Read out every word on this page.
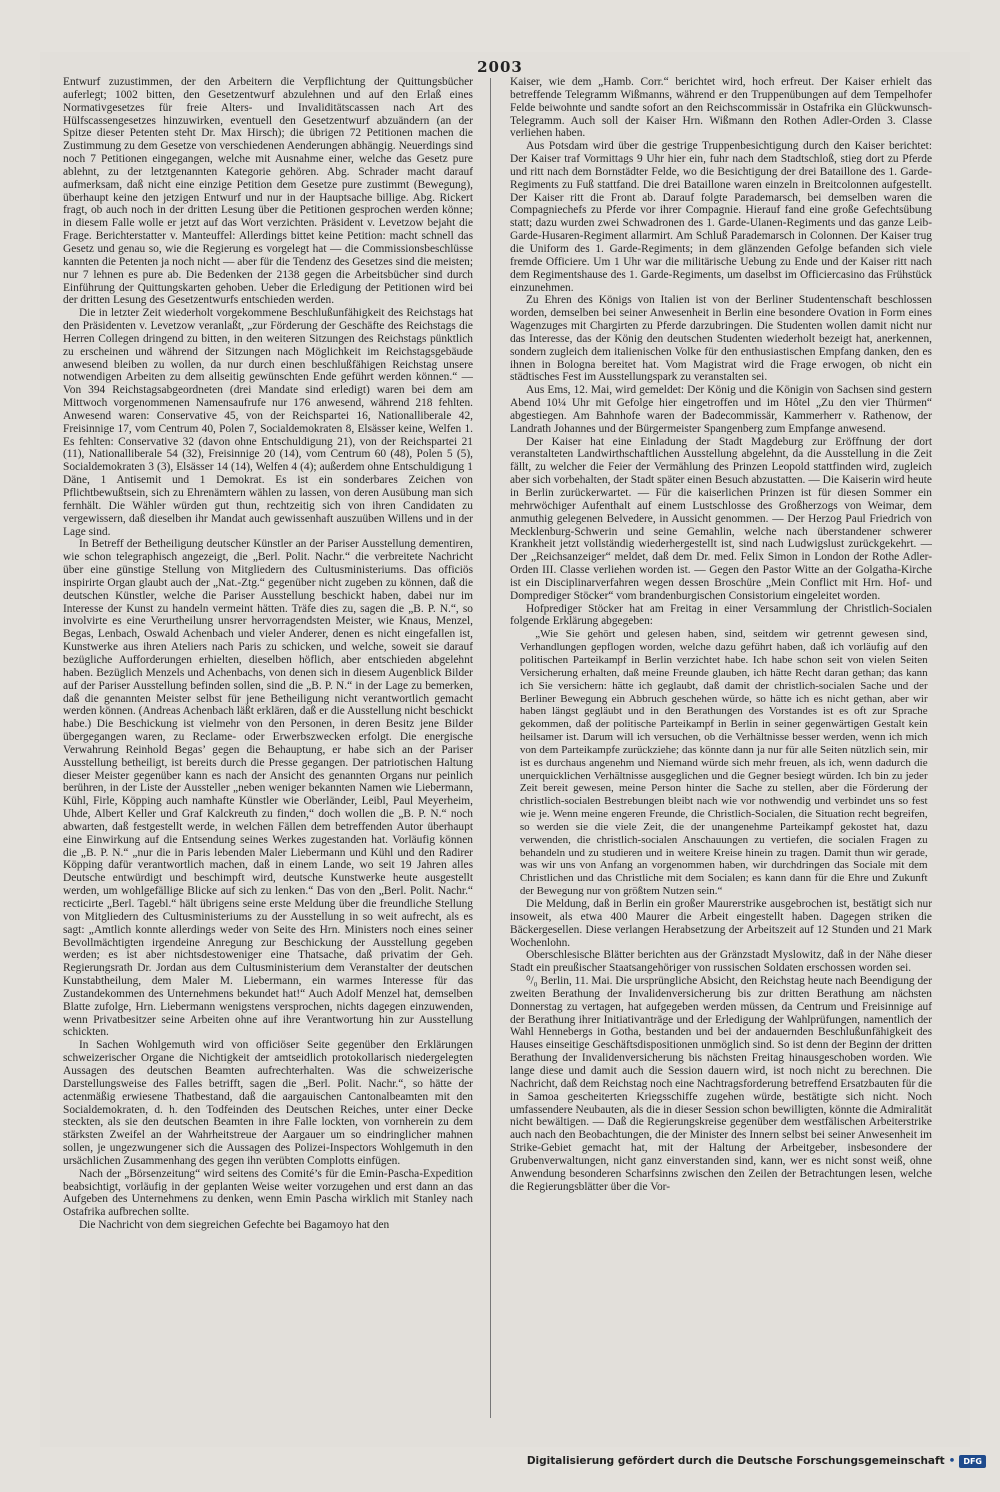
2003

Entwurf zuzustimmen, der den Arbeitern die Verpflichtung der Quittungsbücher auferlegt; 1002 bitten, den Gesetzentwurf abzulehnen und auf den Erlaß eines Normativgesetzes für freie Alters- und Invaliditätscassen nach Art des Hülfscassengesetzes hinzuwirken, eventuell den Gesetzentwurf abzuändern (an der Spitze dieser Petenten steht Dr. Max Hirsch); die übrigen 72 Petitionen machen die Zustimmung zu dem Gesetze von verschiedenen Aenderungen abhängig. Neuerdings sind noch 7 Petitionen eingegangen, welche mit Ausnahme einer, welche das Gesetz pure ablehnt, zu der letztgenannten Kategorie gehören. Abg. Schrader macht darauf aufmerksam, daß nicht eine einzige Petition dem Gesetze pure zustimmt (Bewegung), überhaupt keine den jetzigen Entwurf und nur in der Hauptsache billige. Abg. Rickert fragt, ob auch noch in der dritten Lesung über die Petitionen gesprochen werden könne; in diesem Falle wolle er jetzt auf das Wort verzichten. Präsident v. Levetzow bejaht die Frage. Berichterstatter v. Manteuffel: Allerdings bittet keine Petition: macht schnell das Gesetz und genau so, wie die Regierung es vorgelegt hat — die Commissionsbeschlüsse kannten die Petenten ja noch nicht — aber für die Tendenz des Gesetzes sind die meisten; nur 7 lehnen es pure ab. Die Bedenken der 2138 gegen die Arbeitsbücher sind durch Einführung der Quittungskarten gehoben. Ueber die Erledigung der Petitionen wird bei der dritten Lesung des Gesetzentwurfs entschieden werden.

Die in letzter Zeit wiederholt vorgekommene Beschlußunfähigkeit des Reichstags hat den Präsidenten v. Levetzow veranlaßt, „zur Förderung der Geschäfte des Reichstags die Herren Collegen dringend zu bitten, in den weiteren Sitzungen des Reichstags pünktlich zu erscheinen und während der Sitzungen nach Möglichkeit im Reichstagsgebäude anwesend bleiben zu wollen, da nur durch einen beschlußfähigen Reichstag unsere notwendigen Arbeiten zu dem allseitig gewünschten Ende geführt werden können.“ — Von 394 Reichstagsabgeordneten (drei Mandate sind erledigt) waren bei dem am Mittwoch vorgenommenen Namensaufrufe nur 176 anwesend, während 218 fehlten. Anwesend waren: Conservative 45, von der Reichspartei 16, Nationalliberale 42, Freisinnige 17, vom Centrum 40, Polen 7, Socialdemokraten 8, Elsässer keine, Welfen 1. Es fehlten: Conservative 32 (davon ohne Entschuldigung 21), von der Reichspartei 21 (11), Nationalliberale 54 (32), Freisinnige 20 (14), vom Centrum 60 (48), Polen 5 (5), Socialdemokraten 3 (3), Elsässer 14 (14), Welfen 4 (4); außerdem ohne Entschuldigung 1 Däne, 1 Antisemit und 1 Demokrat. Es ist ein sonderbares Zeichen von Pflichtbewußtsein, sich zu Ehrenämtern wählen zu lassen, von deren Ausübung man sich fernhält. Die Wähler würden gut thun, rechtzeitig sich von ihren Candidaten zu vergewissern, daß dieselben ihr Mandat auch gewissenhaft auszuüben Willens und in der Lage sind.

In Betreff der Betheiligung deutscher Künstler an der Pariser Ausstellung dementiren, wie schon telegraphisch angezeigt, die „Berl. Polit. Nachr.“ die verbreitete Nachricht über eine günstige Stellung von Mitgliedern des Cultusministeriums. Das officiös inspirirte Organ glaubt auch der „Nat.-Ztg.“ gegenüber nicht zugeben zu können, daß die deutschen Künstler, welche die Pariser Ausstellung beschickt haben, dabei nur im Interesse der Kunst zu handeln vermeint hätten. Träfe dies zu, sagen die „B. P. N.“, so involvirte es eine Verurtheilung unsrer hervorragendsten Meister, wie Knaus, Menzel, Begas, Lenbach, Oswald Achenbach und vieler Anderer, denen es nicht eingefallen ist, Kunstwerke aus ihren Ateliers nach Paris zu schicken, und welche, soweit sie darauf bezügliche Aufforderungen erhielten, dieselben höflich, aber entschieden abgelehnt haben. Bezüglich Menzels und Achenbachs, von denen sich in diesem Augenblick Bilder auf der Pariser Ausstellung befinden sollen, sind die „B. P. N.“ in der Lage zu bemerken, daß die genannten Meister selbst für jene Betheiligung nicht verantwortlich gemacht werden können. (Andreas Achenbach läßt erklären, daß er die Ausstellung nicht beschickt habe.) Die Beschickung ist vielmehr von den Personen, in deren Besitz jene Bilder übergegangen waren, zu Reclame- oder Erwerbszwecken erfolgt. Die energische Verwahrung Reinhold Begas’ gegen die Behauptung, er habe sich an der Pariser Ausstellung betheiligt, ist bereits durch die Presse gegangen. Der patriotischen Haltung dieser Meister gegenüber kann es nach der Ansicht des genannten Organs nur peinlich berühren, in der Liste der Aussteller „neben weniger bekannten Namen wie Liebermann, Kühl, Firle, Köpping auch namhafte Künstler wie Oberländer, Leibl, Paul Meyerheim, Uhde, Albert Keller und Graf Kalckreuth zu finden,“ doch wollen die „B. P. N.“ noch abwarten, daß festgestellt werde, in welchen Fällen dem betreffenden Autor überhaupt eine Einwirkung auf die Entsendung seines Werkes zugestanden hat. Vorläufig können die „B. P. N.“ „nur die in Paris lebenden Maler Liebermann und Kühl und den Radirer Köpping dafür verantwortlich machen, daß in einem Lande, wo seit 19 Jahren alles Deutsche entwürdigt und beschimpft wird, deutsche Kunstwerke heute ausgestellt werden, um wohlgefällige Blicke auf sich zu lenken.“ Das von den „Berl. Polit. Nachr.“ recticirte „Berl. Tagebl.“ hält übrigens seine erste Meldung über die freundliche Stellung von Mitgliedern des Cultusministeriums zu der Ausstellung in so weit aufrecht, als es sagt: „Amtlich konnte allerdings weder von Seite des Hrn. Ministers noch eines seiner Bevollmächtigten irgendeine Anregung zur Beschickung der Ausstellung gegeben werden; es ist aber nichtsdestoweniger eine Thatsache, daß privatim der Geh. Regierungsrath Dr. Jordan aus dem Cultusministerium dem Veranstalter der deutschen Kunstabtheilung, dem Maler M. Liebermann, ein warmes Interesse für das Zustandekommen des Unternehmens bekundet hat!“ Auch Adolf Menzel hat, demselben Blatte zufolge, Hrn. Liebermann wenigstens versprochen, nichts dagegen einzuwenden, wenn Privatbesitzer seine Arbeiten ohne auf ihre Verantwortung hin zur Ausstellung schickten.

In Sachen Wohlgemuth wird von officiöser Seite gegenüber den Erklärungen schweizerischer Organe die Nichtigkeit der amtseidlich protokollarisch niedergelegten Aussagen des deutschen Beamten aufrechterhalten. Was die schweizerische Darstellungsweise des Falles betrifft, sagen die „Berl. Polit. Nachr.“, so hätte der actenmäßig erwiesene Thatbestand, daß die aargauischen Cantonalbeamten mit den Socialdemokraten, d. h. den Todfeinden des Deutschen Reiches, unter einer Decke steckten, als sie den deutschen Beamten in ihre Falle lockten, von vornherein zu dem stärksten Zweifel an der Wahrheitstreue der Aargauer um so eindringlicher mahnen sollen, je ungezwungener sich die Aussagen des Polizei-Inspectors Wohlgemuth in den ursächlichen Zusammenhang des gegen ihn verübten Complotts einfügen.

Nach der „Börsenzeitung“ wird seitens des Comité’s für die Emin-Pascha-Expedition beabsichtigt, vorläufig in der geplanten Weise weiter vorzugehen und erst dann an das Aufgeben des Unternehmens zu denken, wenn Emin Pascha wirklich mit Stanley nach Ostafrika aufbrechen sollte.

Die Nachricht von dem siegreichen Gefechte bei Bagamoyo hat den

Kaiser, wie dem „Hamb. Corr.“ berichtet wird, hoch erfreut. Der Kaiser erhielt das betreffende Telegramm Wißmanns, während er den Truppenübungen auf dem Tempelhofer Felde beiwohnte und sandte sofort an den Reichscommissär in Ostafrika ein Glückwunsch-Telegramm. Auch soll der Kaiser Hrn. Wißmann den Rothen Adler-Orden 3. Classe verliehen haben.

Aus Potsdam wird über die gestrige Truppenbesichtigung durch den Kaiser berichtet: Der Kaiser traf Vormittags 9 Uhr hier ein, fuhr nach dem Stadtschloß, stieg dort zu Pferde und ritt nach dem Bornstädter Felde, wo die Besichtigung der drei Bataillone des 1. Garde-Regiments zu Fuß stattfand. Die drei Bataillone waren einzeln in Breitcolonnen aufgestellt. Der Kaiser ritt die Front ab. Darauf folgte Parademarsch, bei demselben waren die Compagniechefs zu Pferde vor ihrer Compagnie. Hierauf fand eine große Gefechtsübung statt; dazu wurden zwei Schwadronen des 1. Garde-Ulanen-Regiments und das ganze Leib-Garde-Husaren-Regiment allarmirt. Am Schluß Parademarsch in Colonnen. Der Kaiser trug die Uniform des 1. Garde-Regiments; in dem glänzenden Gefolge befanden sich viele fremde Officiere. Um 1 Uhr war die militärische Uebung zu Ende und der Kaiser ritt nach dem Regimentshause des 1. Garde-Regiments, um daselbst im Officiercasino das Frühstück einzunehmen.

Zu Ehren des Königs von Italien ist von der Berliner Studentenschaft beschlossen worden, demselben bei seiner Anwesenheit in Berlin eine besondere Ovation in Form eines Wagenzuges mit Chargirten zu Pferde darzubringen. Die Studenten wollen damit nicht nur das Interesse, das der König den deutschen Studenten wiederholt bezeigt hat, anerkennen, sondern zugleich dem italienischen Volke für den enthusiastischen Empfang danken, den es ihnen in Bologna bereitet hat. Vom Magistrat wird die Frage erwogen, ob nicht ein städtisches Fest im Ausstellungspark zu veranstalten sei.

Aus Ems, 12. Mai, wird gemeldet: Der König und die Königin von Sachsen sind gestern Abend 10¼ Uhr mit Gefolge hier eingetroffen und im Hôtel „Zu den vier Thürmen“ abgestiegen. Am Bahnhofe waren der Badecommissär, Kammerherr v. Rathenow, der Landrath Johannes und der Bürgermeister Spangenberg zum Empfange anwesend.

Der Kaiser hat eine Einladung der Stadt Magdeburg zur Eröffnung der dort veranstalteten Landwirthschaftlichen Ausstellung abgelehnt, da die Ausstellung in die Zeit fällt, zu welcher die Feier der Vermählung des Prinzen Leopold stattfinden wird, zugleich aber sich vorbehalten, der Stadt später einen Besuch abzustatten. — Die Kaiserin wird heute in Berlin zurückerwartet. — Für die kaiserlichen Prinzen ist für diesen Sommer ein mehrwöchiger Aufenthalt auf einem Lustschlosse des Großherzogs von Weimar, dem anmuthig gelegenen Belvedere, in Aussicht genommen. — Der Herzog Paul Friedrich von Mecklenburg-Schwerin und seine Gemahlin, welche nach überstandener schwerer Krankheit jetzt vollständig wiederhergestellt ist, sind nach Ludwigslust zurückgekehrt. — Der „Reichsanzeiger“ meldet, daß dem Dr. med. Felix Simon in London der Rothe Adler-Orden III. Classe verliehen worden ist. — Gegen den Pastor Witte an der Golgatha-Kirche ist ein Disciplinarverfahren wegen dessen Broschüre „Mein Conflict mit Hrn. Hof- und Domprediger Stöcker“ vom brandenburgischen Consistorium eingeleitet worden.

Hofprediger Stöcker hat am Freitag in einer Versammlung der Christlich-Socialen folgende Erklärung abgegeben:

„Wie Sie gehört und gelesen haben, sind, seitdem wir getrennt gewesen sind, Verhandlungen gepflogen worden, welche dazu geführt haben, daß ich vorläufig auf den politischen Parteikampf in Berlin verzichtet habe. Ich habe schon seit von vielen Seiten Versicherung erhalten, daß meine Freunde glauben, ich hätte Recht daran gethan; das kann ich Sie versichern: hätte ich geglaubt, daß damit der christlich-socialen Sache und der Berliner Bewegung ein Abbruch geschehen würde, so hätte ich es nicht gethan, aber wir haben längst gegläubt und in den Berathungen des Vorstandes ist es oft zur Sprache gekommen, daß der politische Parteikampf in Berlin in seiner gegenwärtigen Gestalt kein heilsamer ist. Darum will ich versuchen, ob die Verhältnisse besser werden, wenn ich mich von dem Parteikampfe zurückziehe; das könnte dann ja nur für alle Seiten nützlich sein, mir ist es durchaus angenehm und Niemand würde sich mehr freuen, als ich, wenn dadurch die unerquicklichen Verhältnisse ausgeglichen und die Gegner besiegt würden. Ich bin zu jeder Zeit bereit gewesen, meine Person hinter die Sache zu stellen, aber die Förderung der christlich-socialen Bestrebungen bleibt nach wie vor nothwendig und verbindet uns so fest wie je. Wenn meine engeren Freunde, die Christlich-Socialen, die Situation recht begreifen, so werden sie die viele Zeit, die der unangenehme Parteikampf gekostet hat, dazu verwenden, die christlich-socialen Anschauungen zu vertiefen, die socialen Fragen zu behandeln und zu studieren und in weitere Kreise hinein zu tragen. Damit thun wir gerade, was wir uns von Anfang an vorgenommen haben, wir durchdringen das Sociale mit dem Christlichen und das Christliche mit dem Socialen; es kann dann für die Ehre und Zukunft der Bewegung nur von größtem Nutzen sein.“

Die Meldung, daß in Berlin ein großer Maurerstrike ausgebrochen ist, bestätigt sich nur insoweit, als etwa 400 Maurer die Arbeit eingestellt haben. Dagegen striken die Bäckergesellen. Diese verlangen Herabsetzung der Arbeitszeit auf 12 Stunden und 21 Mark Wochenlohn.

Oberschlesische Blätter berichten aus der Gränzstadt Myslowitz, daß in der Nähe dieser Stadt ein preußischer Staatsangehöriger von russischen Soldaten erschossen worden sei.

⁰/₀ Berlin, 11. Mai. Die ursprüngliche Absicht, den Reichstag heute nach Beendigung der zweiten Berathung der Invalidenversicherung bis zur dritten Berathung am nächsten Donnerstag zu vertagen, hat aufgegeben werden müssen, da Centrum und Freisinnige auf der Berathung ihrer Initiativanträge und der Erledigung der Wahlprüfungen, namentlich der Wahl Hennebergs in Gotha, bestanden und bei der andauernden Beschlußunfähigkeit des Hauses einseitige Geschäftsdispositionen unmöglich sind. So ist denn der Beginn der dritten Berathung der Invalidenversicherung bis nächsten Freitag hinausgeschoben worden. Wie lange diese und damit auch die Session dauern wird, ist noch nicht zu berechnen. Die Nachricht, daß dem Reichstag noch eine Nachtragsforderung betreffend Ersatzbauten für die in Samoa gescheiterten Kriegsschiffe zugehen würde, bestätigte sich nicht. Noch umfassendere Neubauten, als die in dieser Session schon bewilligten, könnte die Admiralität nicht bewältigen. — Daß die Regierungskreise gegenüber dem westfälischen Arbeiterstrike auch nach den Beobachtungen, die der Minister des Innern selbst bei seiner Anwesenheit im Strike-Gebiet gemacht hat, mit der Haltung der Arbeitgeber, insbesondere der Grubenverwaltungen, nicht ganz einverstanden sind, kann, wer es nicht sonst weiß, ohne Anwendung besonderen Scharfsinns zwischen den Zeilen der Betrachtungen lesen, welche die Regierungsblätter über die Vor-

Digitalisierung gefördert durch die Deutsche Forschungsgemeinschaft •	DFG
